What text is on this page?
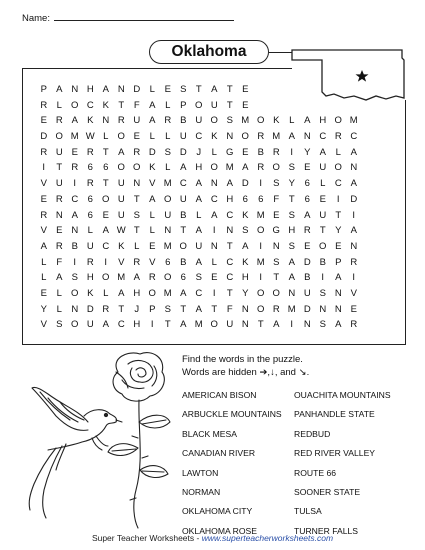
Name:
Oklahoma
P A N H A N D L	E S T A T E
R L O C K T	F A	L	P O U T E
E R A K N R U A R B U O S M O K	L	A H O M
D O M W L O E	L	L U C K N O R M A N C R C
R U E R T A R D S D	J	L G E B R	I	Y A	L	A
I	T R 6	6 O O K	L	A H O M A R O S E U O N
V U	I	R T U N V M C A N A D	I	S Y	6	L C A
E R C 6 O U T A O U A C H 6	6	F	T	6	E	I	D
R N A	6	E U S	L U B	L	A C K M E S A U T	I
V E N L	A W T	L N T A	I	N S O G H R T Y A
A R B U C K	L	E M O U N T A	I	N S E O E N
L	F	I	R	I	V R V	6	B A	L C K M S A D B P R
L	A S H O M A R O 6	S E C H	I	T A B	I	A	I
E	L O K	L	A H O M A C	I	T Y O O N U S N V
Y	L N D R T	J	P S T A T	F N O R M D N N E
V S O U A C H	I	T A M O U N T A	I	N S A R
Find the words in the puzzle.
Words are hidden ➔,↓, and ↘.
AMERICAN BISON
ARBUCKLE MOUNTAINS
BLACK MESA
CANADIAN RIVER
LAWTON
NORMAN
OKLAHOMA CITY
OKLAHOMA ROSE
OUACHITA MOUNTAINS
PANHANDLE STATE
REDBUD
RED RIVER VALLEY
ROUTE 66
SOONER STATE
TULSA
TURNER FALLS
Super Teacher Worksheets - www.superteacherworksheets.com
